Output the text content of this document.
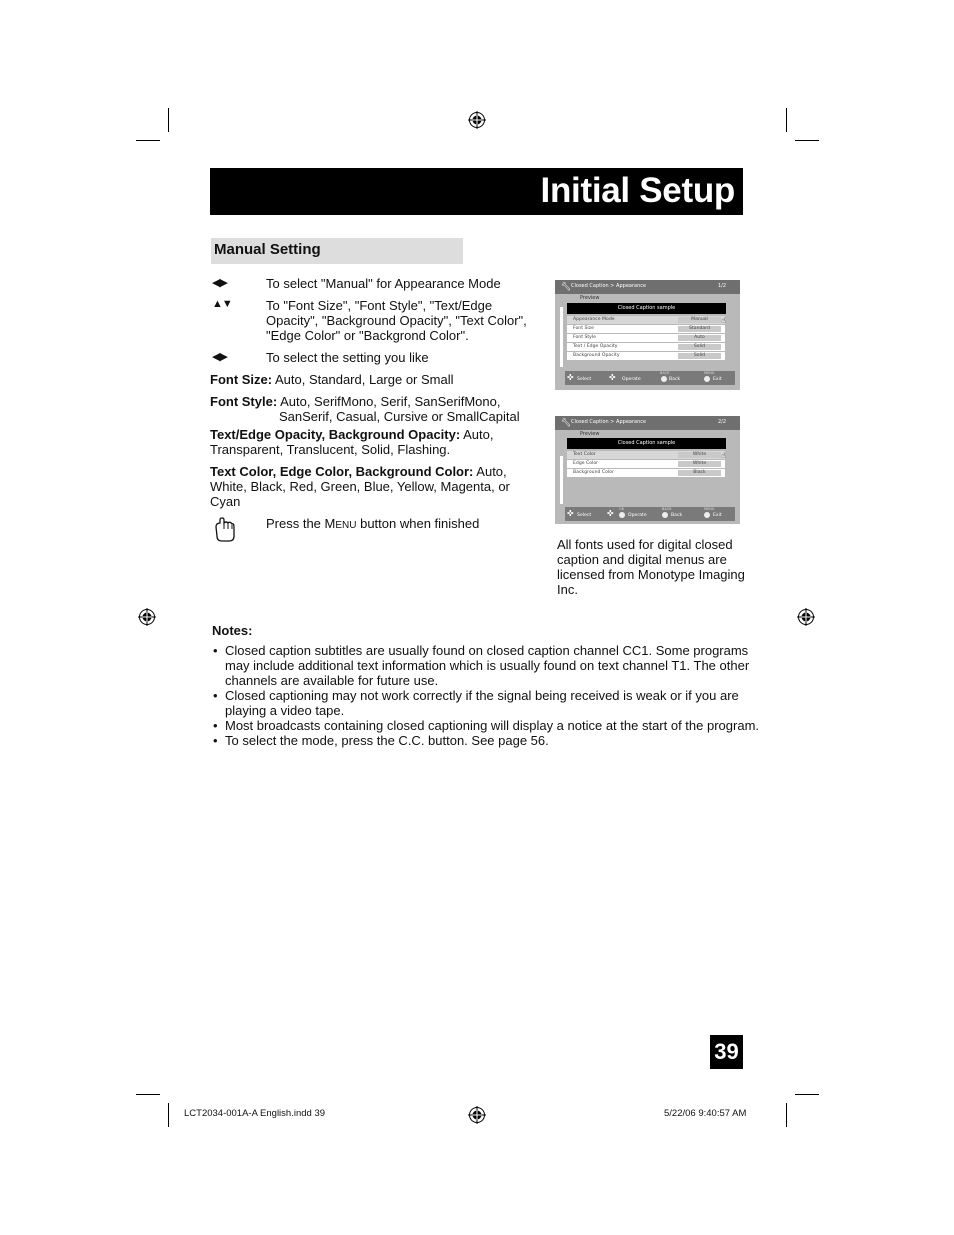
Initial Setup
Manual Setting
◀▶	To select "Manual" for Appearance Mode
▲▼	To "Font Size", "Font Style", "Text/Edge
Opacity", "Background Opacity", "Text Color",
"Edge Color" or "Backgrond Color".
◀▶	To select the setting you like
Font Size: Auto, Standard, Large or Small
Font Style: Auto, SerifMono, Serif, SanSerifMono,
SanSerif, Casual, Cursive or SmallCapital
Text/Edge Opacity, Background Opacity: Auto,
Transparent, Translucent, Solid, Flashing.
Text Color, Edge Color, Background Color: Auto,
White, Black, Red, Green, Blue, Yellow, Magenta, or
Cyan
Press the MENU button when finished
🔧︎ Closed Caption > Appearance	1/2
Preview
Closed Caption sample
Appearance Mode	Manual
Font Size	Standard
Font Style	Auto
Text / Edge Opacity	Solid
Background Opacity	Solid
☝︎
✜ Select ✜ Operate
BACK
Back
MENU
Exit
🔧︎ Closed Caption > Appearance	2/2
Preview
Closed Caption sample
Text Color	White
Edge Color	White
Background Color	Black
☝︎
✜ Select ✜ OK
Operate
BACK
Back
MENU
Exit
All fonts used for digital closed
caption and digital menus are
licensed from Monotype Imaging
Inc.
Notes:
• Closed caption subtitles are usually found on closed caption channel CC1. Some programs
may include additional text information which is usually found on text channel T1. The other
channels are available for future use.
• Closed captioning may not work correctly if the signal being received is weak or if you are
playing a video tape.
• Most broadcasts containing closed captioning will display a notice at the start of the program.
• To select the mode, press the C.C. button. See page 56.
39
LCT2034-001A-A English.indd 39	5/22/06 9:40:57 AM
